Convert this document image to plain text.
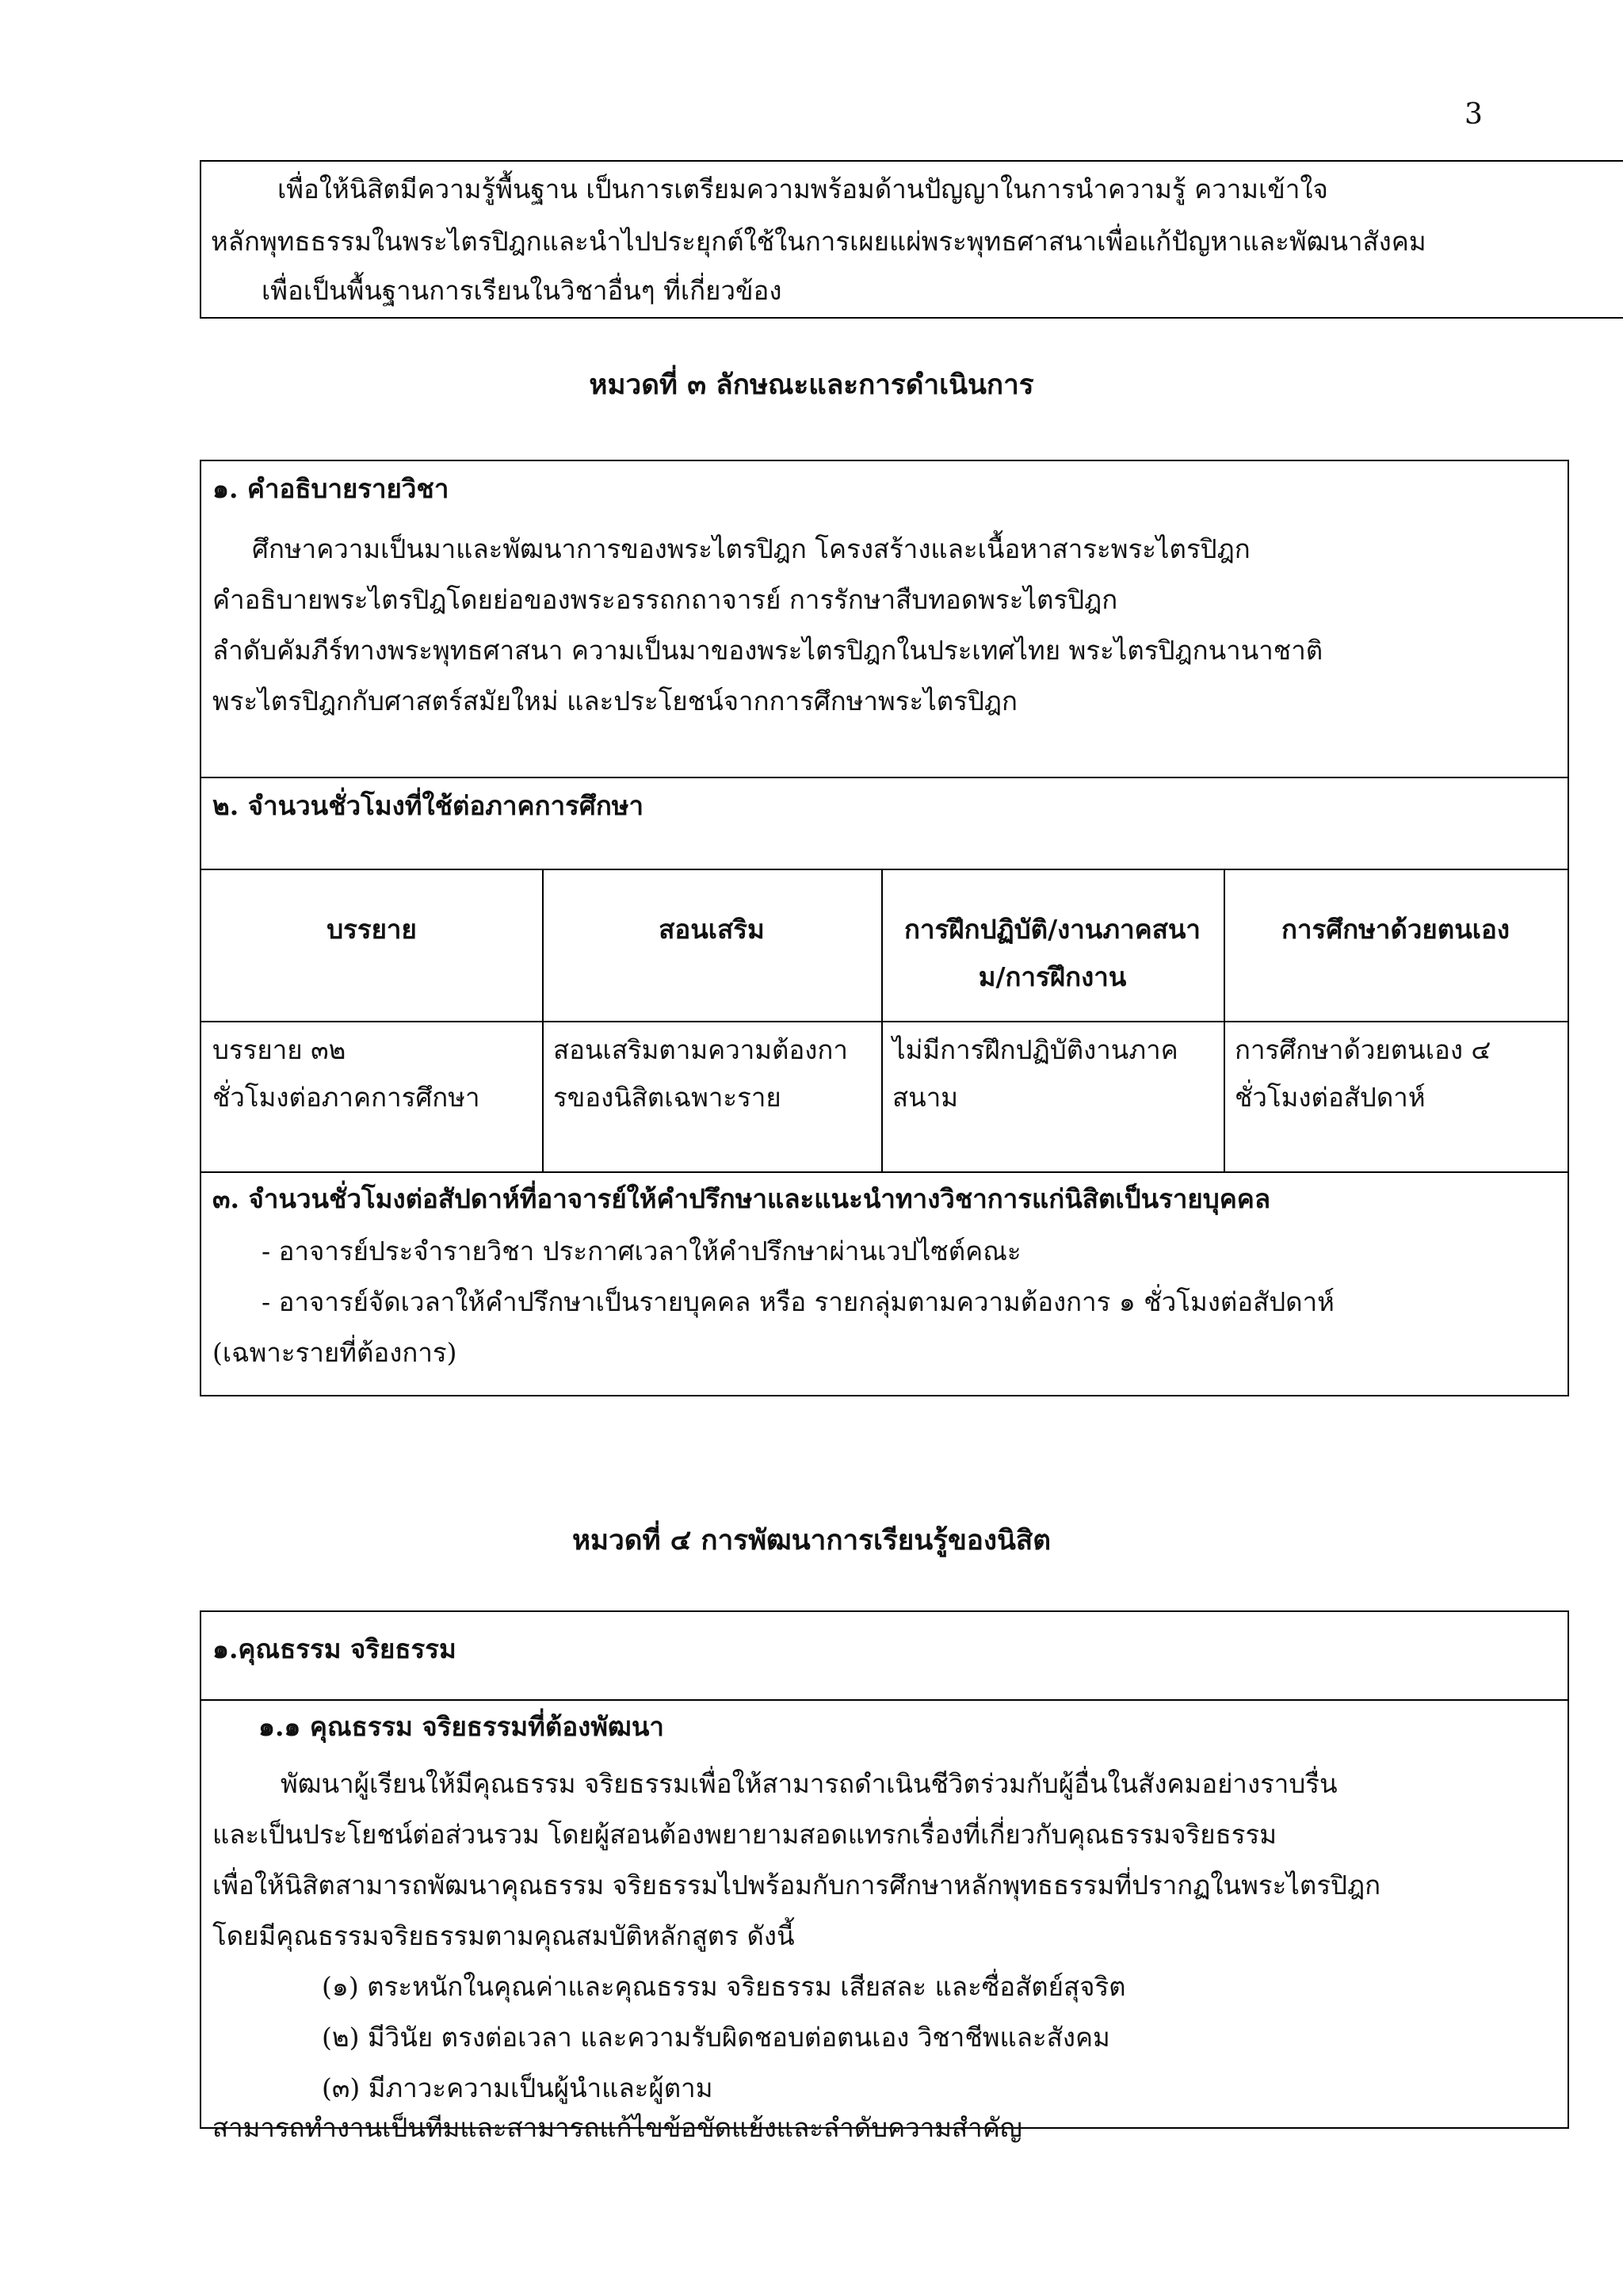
3
เพื่อให้นิสิตมีความรู้พื้นฐาน เป็นการเตรียมความพร้อมด้านปัญญาในการนำความรู้ ความเข้าใจ
หลักพุทธธรรมในพระไตรปิฎกและนำไปประยุกต์ใช้ในการเผยแผ่พระพุทธศาสนาเพื่อแก้ปัญหาและพัฒนาสังคม
เพื่อเป็นพื้นฐานการเรียนในวิชาอื่นๆ ที่เกี่ยวข้อง
หมวดที่ ๓ ลักษณะและการดำเนินการ
๑. คำอธิบายรายวิชา
ศึกษาความเป็นมาและพัฒนาการของพระไตรปิฎก โครงสร้างและเนื้อหาสาระพระไตรปิฎก
คำอธิบายพระไตรปิฎโดยย่อของพระอรรถกถาจารย์ การรักษาสืบทอดพระไตรปิฎก
ลำดับคัมภีร์ทางพระพุทธศาสนา ความเป็นมาของพระไตรปิฎกในประเทศไทย พระไตรปิฎกนานาชาติ
พระไตรปิฎกกับศาสตร์สมัยใหม่ และประโยชน์จากการศึกษาพระไตรปิฎก
๒. จำนวนชั่วโมงที่ใช้ต่อภาคการศึกษา
บรรยาย	สอนเสริม	การฝึกปฏิบัติ/งานภาคสนา
ม/การฝึกงาน
การศึกษาด้วยตนเอง
บรรยาย ๓๒
ชั่วโมงต่อภาคการศึกษา
สอนเสริมตามความต้องกา
รของนิสิตเฉพาะราย
ไม่มีการฝึกปฏิบัติงานภาค
สนาม
การศึกษาด้วยตนเอง ๔
ชั่วโมงต่อสัปดาห์
๓. จำนวนชั่วโมงต่อสัปดาห์ที่อาจารย์ให้คำปรึกษาและแนะนำทางวิชาการแก่นิสิตเป็นรายบุคคล
- อาจารย์ประจำรายวิชา ประกาศเวลาให้คำปรึกษาผ่านเวปไซต์คณะ
- อาจารย์จัดเวลาให้คำปรึกษาเป็นรายบุคคล หรือ รายกลุ่มตามความต้องการ ๑ ชั่วโมงต่อสัปดาห์
(เฉพาะรายที่ต้องการ)
หมวดที่ ๔ การพัฒนาการเรียนรู้ของนิสิต
๑.คุณธรรม จริยธรรม
๑.๑ คุณธรรม จริยธรรมที่ต้องพัฒนา
พัฒนาผู้เรียนให้มีคุณธรรม จริยธรรมเพื่อให้สามารถดำเนินชีวิตร่วมกับผู้อื่นในสังคมอย่างราบรื่น
และเป็นประโยชน์ต่อส่วนรวม โดยผู้สอนต้องพยายามสอดแทรกเรื่องที่เกี่ยวกับคุณธรรมจริยธรรม
เพื่อให้นิสิตสามารถพัฒนาคุณธรรม จริยธรรมไปพร้อมกับการศึกษาหลักพุทธธรรมที่ปรากฏในพระไตรปิฎก
โดยมีคุณธรรมจริยธรรมตามคุณสมบัติหลักสูตร ดังนี้
(๑) ตระหนักในคุณค่าและคุณธรรม จริยธรรม เสียสละ และซื่อสัตย์สุจริต
(๒) มีวินัย ตรงต่อเวลา และความรับผิดชอบต่อตนเอง วิชาชีพและสังคม
(๓) มีภาวะความเป็นผู้นำและผู้ตาม
สามารถทำงานเป็นทีมและสามารถแก้ไขข้อขัดแย้งและลำดับความสำคัญ
